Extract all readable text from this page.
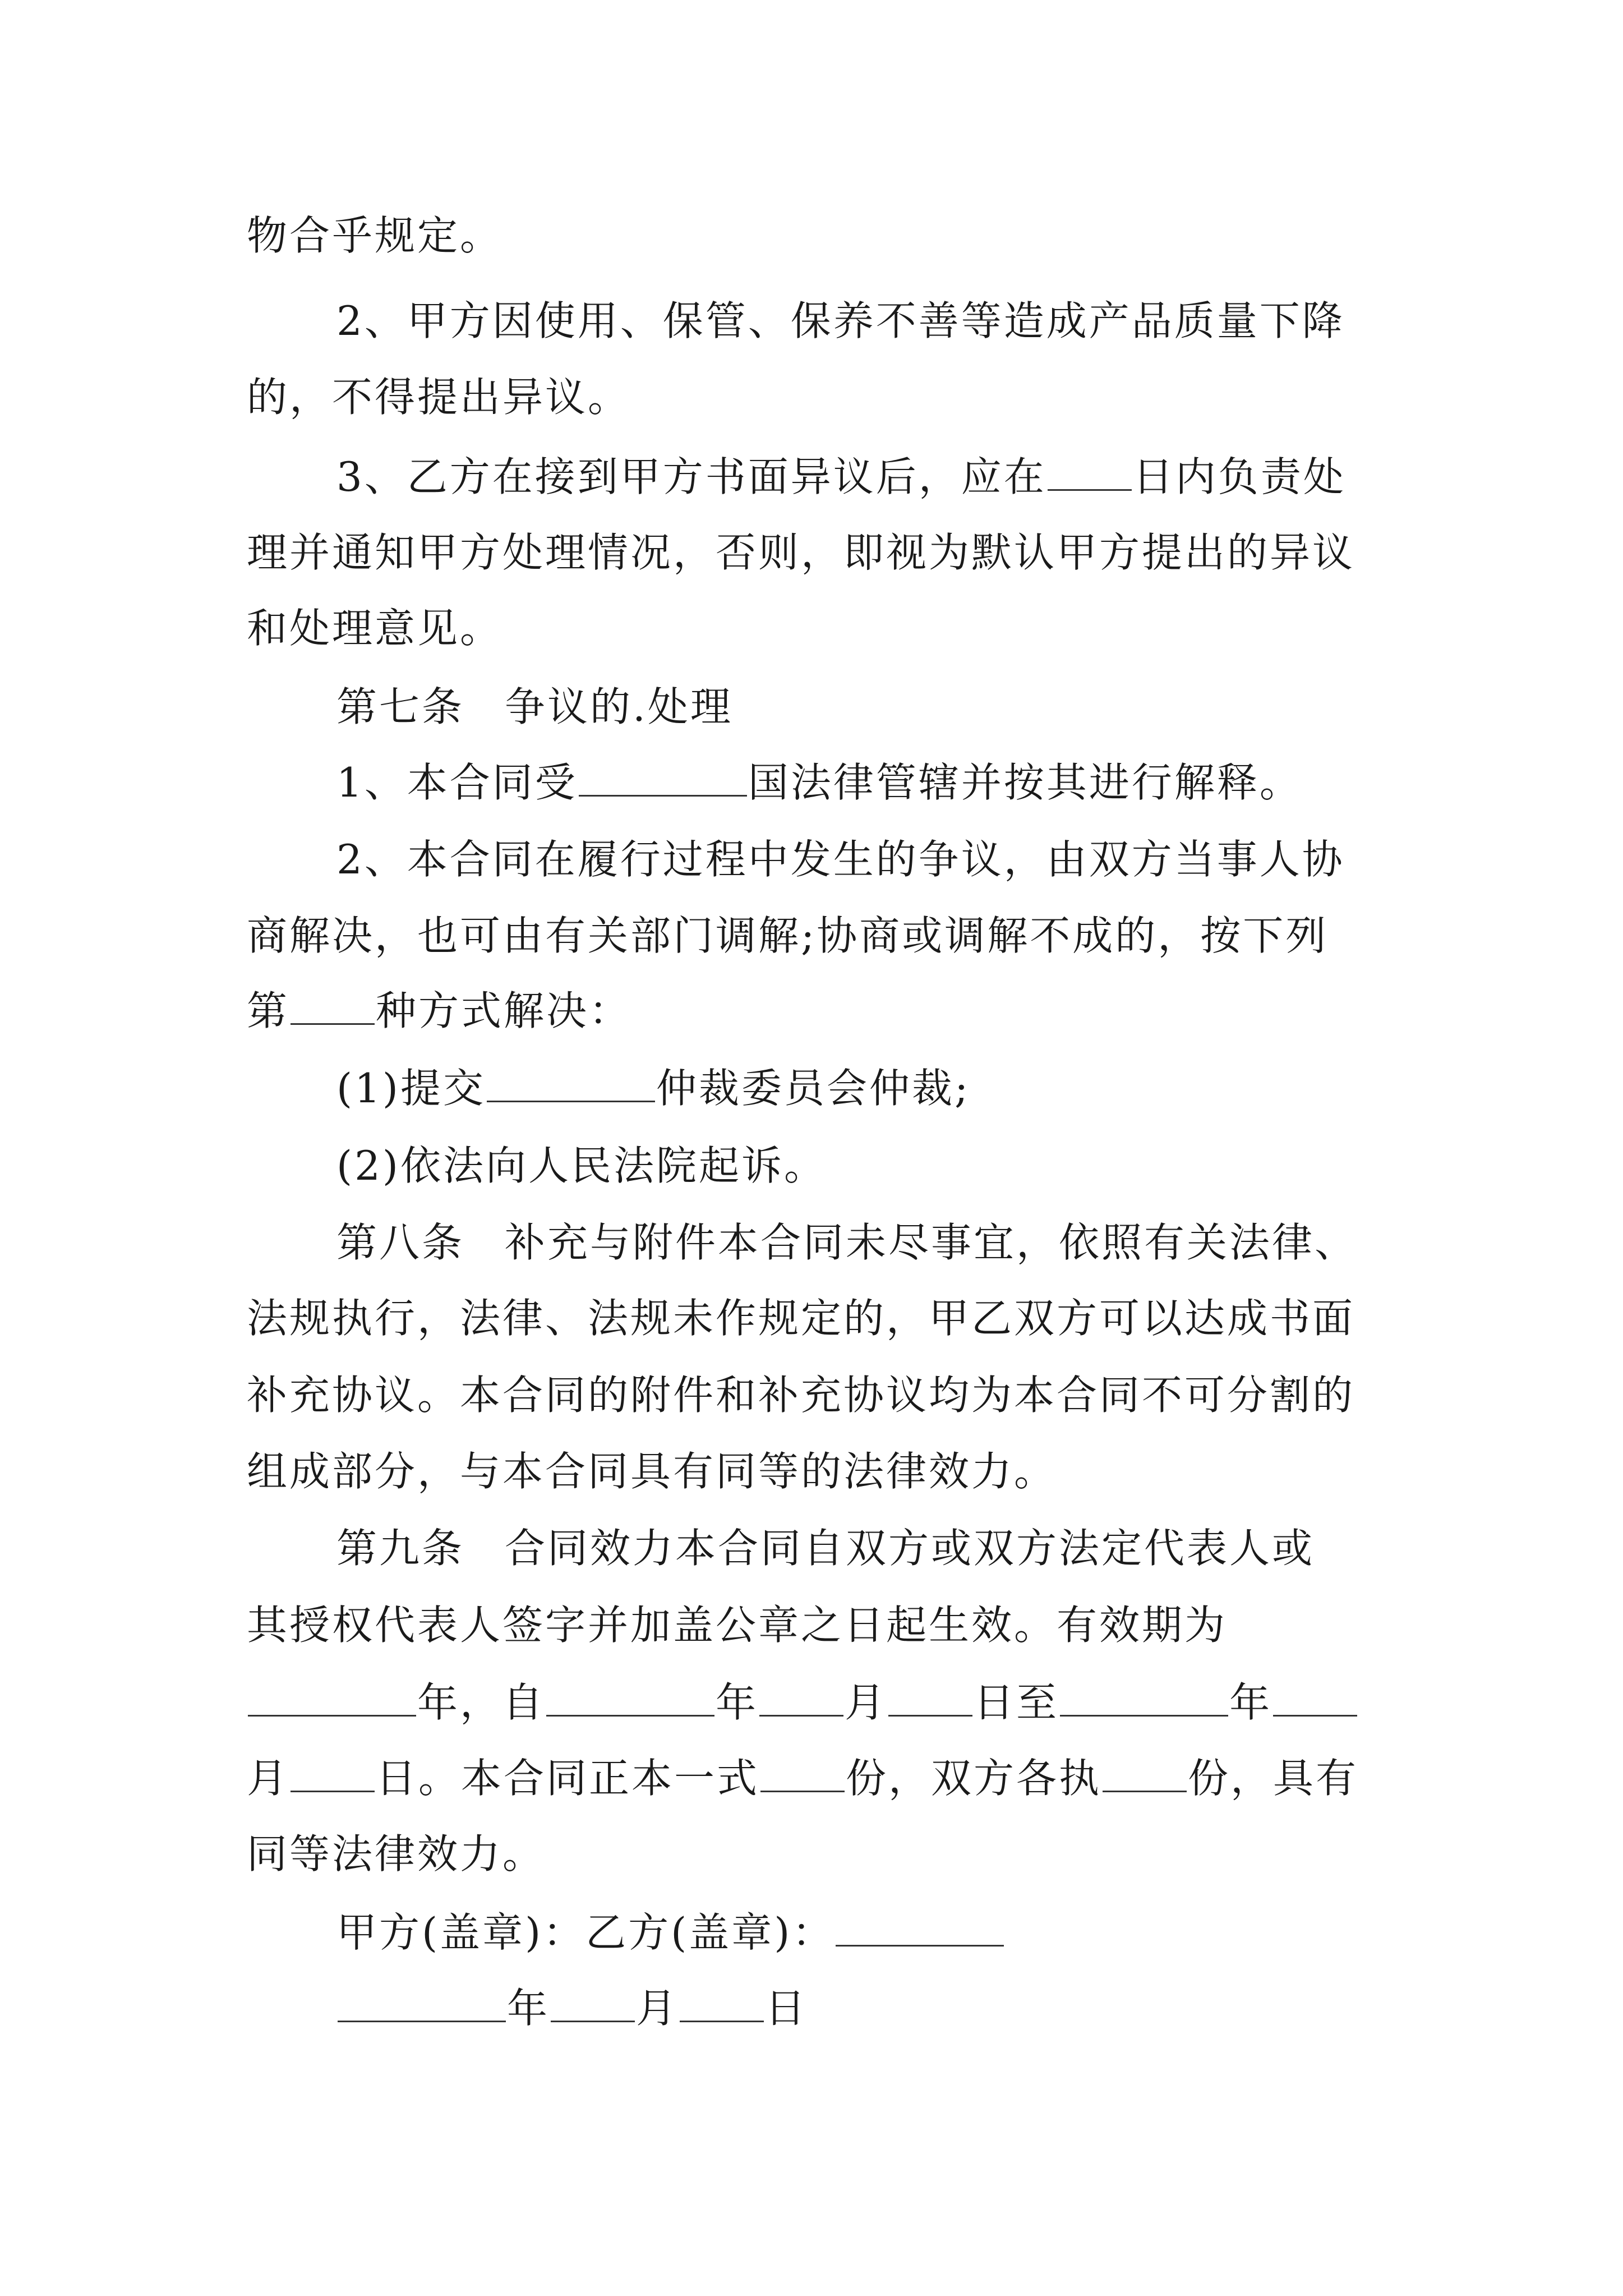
物合乎规定。
2、甲方因使用、保管、保养不善等造成产品质量下降
的，不得提出异议。
3、乙方在接到甲方书面异议后，应在 日内负责处
理并通知甲方处理情况，否则，即视为默认甲方提出的异议
和处理意见。
第七条 争议的.处理
1、本合同受	国法律管辖并按其进行解释。
2、本合同在履行过程中发生的争议，由双方当事人协
商解决，也可由有关部门调解;协商或调解不成的，按下列
第 种方式解决：
(1)提交	仲裁委员会仲裁;
(2)依法向人民法院起诉。
第八条 补充与附件本合同未尽事宜，依照有关法律、
法规执行，法律、法规未作规定的，甲乙双方可以达成书面
补充协议。本合同的附件和补充协议均为本合同不可分割的
组成部分，与本合同具有同等的法律效力。
第九条 合同效力本合同自双方或双方法定代表人或
其授权代表人签字并加盖公章之日起生效。有效期为
年，自	年 月 日至	年
月 日。本合同正本一式 份，双方各执 份，具有
同等法律效力。
甲方(盖章)：乙方(盖章)：
年 月 日
